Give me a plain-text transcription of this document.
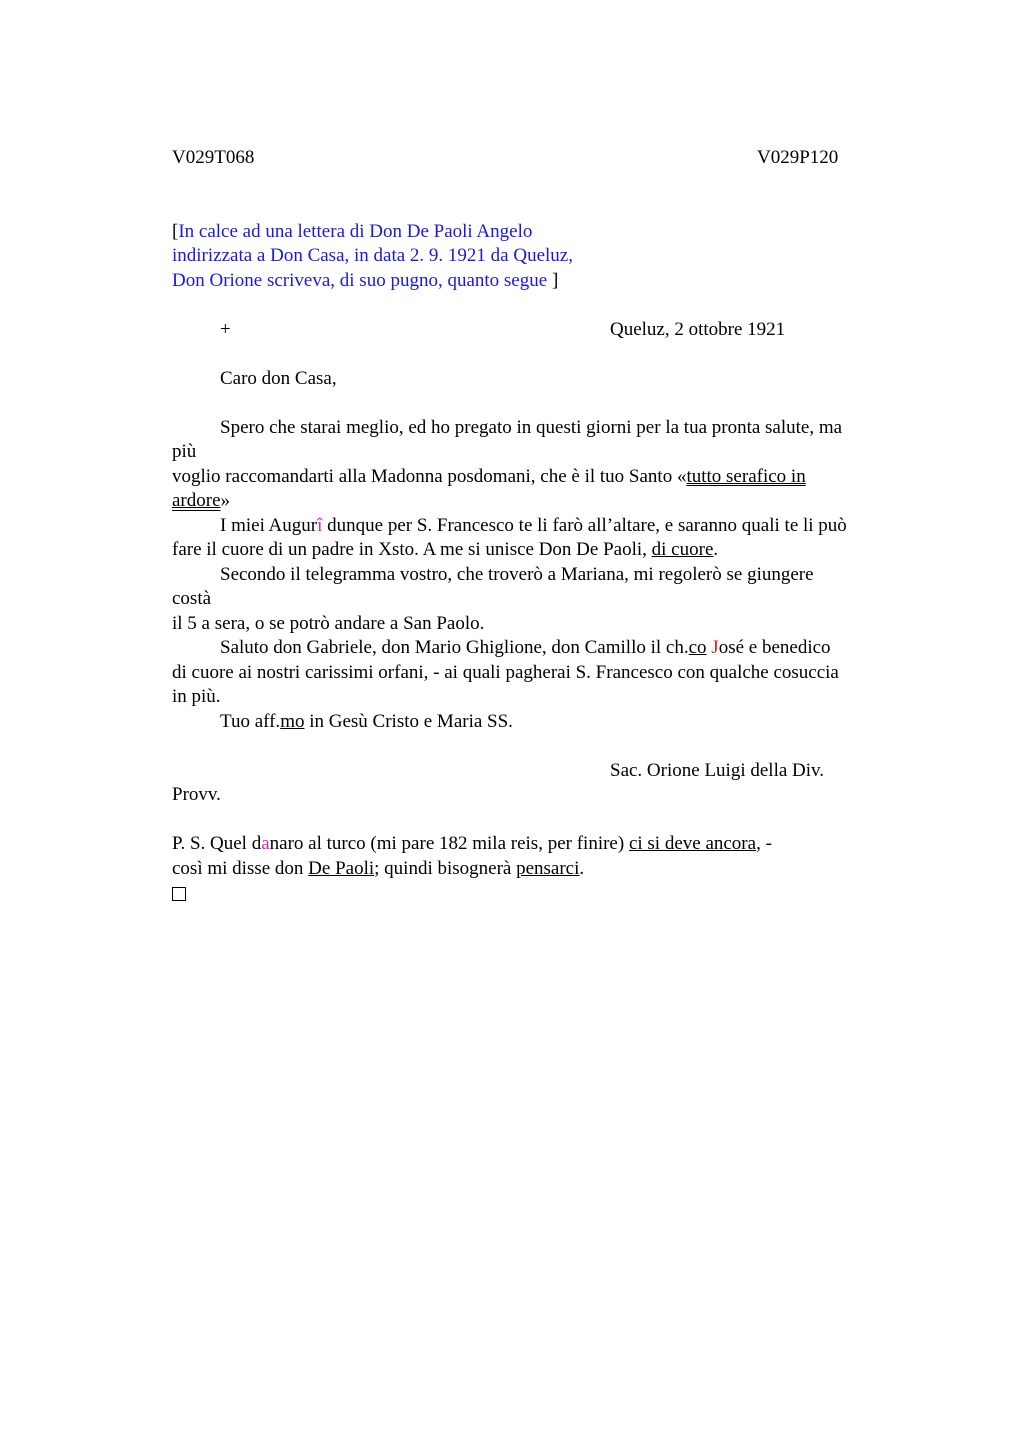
V029T068	V029P120
[In calce ad una lettera di Don De Paoli Angelo
indirizzata a Don Casa, in data 2. 9. 1921 da Queluz,
Don Orione scriveva, di suo pugno, quanto segue ]
+	Queluz, 2 ottobre 1921
Caro don Casa,
Spero che starai meglio, ed ho pregato in questi giorni per la tua pronta salute, ma
più
voglio raccomandarti alla Madonna posdomani, che è il tuo Santo «tutto serafico in
ardore»
I miei Augurî dunque per S. Francesco te li farò all’altare, e saranno quali te li può
fare il cuore di un padre in Xsto. A me si unisce Don De Paoli, di cuore.
Secondo il telegramma vostro, che troverò a Mariana, mi regolerò se giungere
costà
il 5 a sera, o se potrò andare a San Paolo.
Saluto don Gabriele, don Mario Ghiglione, don Camillo il ch.co José e benedico
di cuore ai nostri carissimi orfani, - ai quali pagherai S. Francesco con qualche cosuccia
in più.
Tuo aff.mo in Gesù Cristo e Maria SS.
Sac. Orione Luigi della Div.
Provv.
P. S. Quel danaro al turco (mi pare 182 mila reis, per finire) ci si deve ancora, -
così mi disse don De Paoli; quindi bisognerà pensarci.
